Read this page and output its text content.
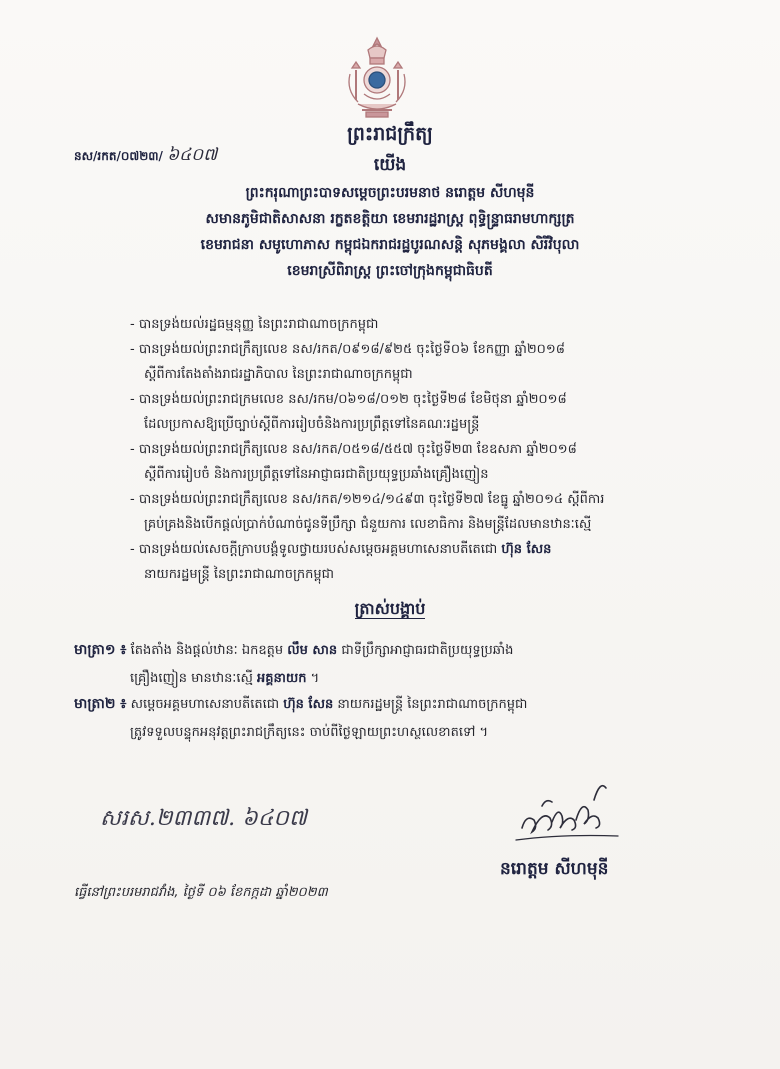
នស/រកត/០៧២៣/ ៦៤០៧
ព្រះរាជក្រឹត្យ
យើង
ព្រះករុណាព្រះបាទសម្តេចព្រះបរមនាថ នរោត្តម សីហមុនី
សមានភូមិជាតិសាសនា រក្ខតខត្តិយា ខេមរារដ្ឋរាស្ត្រ ពុទ្ធិន្ទ្រាធរាមហាក្សត្រ
ខេមរាជនា សមូហោភាស កម្ពុជឯករាជរដ្ឋបូរណសន្តិ សុភមង្គលា សិរីវិបុលា
ខេមរាស្រីពិរាស្ត្រ ព្រះចៅក្រុងកម្ពុជាធិបតី
- បានទ្រង់យល់រដ្ឋធម្មនុញ្ញ នៃព្រះរាជាណាចក្រកម្ពុជា
- បានទ្រង់យល់ព្រះរាជក្រឹត្យលេខ នស/រកត/០៩១៨/៩២៥ ចុះថ្ងៃទី០៦ ខែកញ្ញា ឆ្នាំ២០១៨
ស្តីពីការតែងតាំងរាជរដ្ឋាភិបាល នៃព្រះរាជាណាចក្រកម្ពុជា
- បានទ្រង់យល់ព្រះរាជក្រមលេខ នស/រកម/០៦១៨/០១២ ចុះថ្ងៃទី២៨ ខែមិថុនា ឆ្នាំ២០១៨
ដែលប្រកាសឱ្យប្រើច្បាប់ស្តីពីការរៀបចំនិងការប្រព្រឹត្តទៅនៃគណៈរដ្ឋមន្ត្រី
- បានទ្រង់យល់ព្រះរាជក្រឹត្យលេខ នស/រកត/០៥១៨/៥៥៧ ចុះថ្ងៃទី២៣ ខែឧសភា ឆ្នាំ២០១៨
ស្តីពីការរៀបចំ និងការប្រព្រឹត្តទៅនៃអាជ្ញាធរជាតិប្រយុទ្ធប្រឆាំងគ្រឿងញៀន
- បានទ្រង់យល់ព្រះរាជក្រឹត្យលេខ នស/រកត/១២១៤/១៤៩៣ ចុះថ្ងៃទី២៧ ខែធ្នូ ឆ្នាំ២០១៤ ស្តីពីការ
គ្រប់គ្រងនិងបើកផ្តល់ប្រាក់បំណាច់ជូនទីប្រឹក្សា ជំនួយការ លេខាធិការ និងមន្ត្រីដែលមានឋានៈស្មើ
- បានទ្រង់យល់សេចក្តីក្រាបបង្គំទូលថ្វាយរបស់សម្តេចអគ្គមហាសេនាបតីតេជោ ហ៊ុន សែន
នាយករដ្ឋមន្ត្រី នៃព្រះរាជាណាចក្រកម្ពុជា
ត្រាស់បង្គាប់
មាត្រា១ ៖ តែងតាំង និងផ្តល់ឋានៈ ឯកឧត្តម លឹម សាន ជាទីប្រឹក្សាអាជ្ញាធរជាតិប្រយុទ្ធប្រឆាំង
គ្រឿងញៀន មានឋានៈស្មើ អគ្គនាយក ។
មាត្រា២ ៖ សម្តេចអគ្គមហាសេនាបតីតេជោ ហ៊ុន សែន នាយករដ្ឋមន្ត្រី នៃព្រះរាជាណាចក្រកម្ពុជា
ត្រូវទទួលបន្ទុកអនុវត្តព្រះរាជក្រឹត្យនេះ ចាប់ពីថ្ងៃឡាយព្រះហស្ថលេខាតទៅ ។
សរស.២៣៣៧. ៦៤០៧
នរោត្តម សីហមុនី
ធ្វើនៅព្រះបរមរាជវាំង, ថ្ងៃទី ០៦ ខែកក្កដា ឆ្នាំ២០២៣
